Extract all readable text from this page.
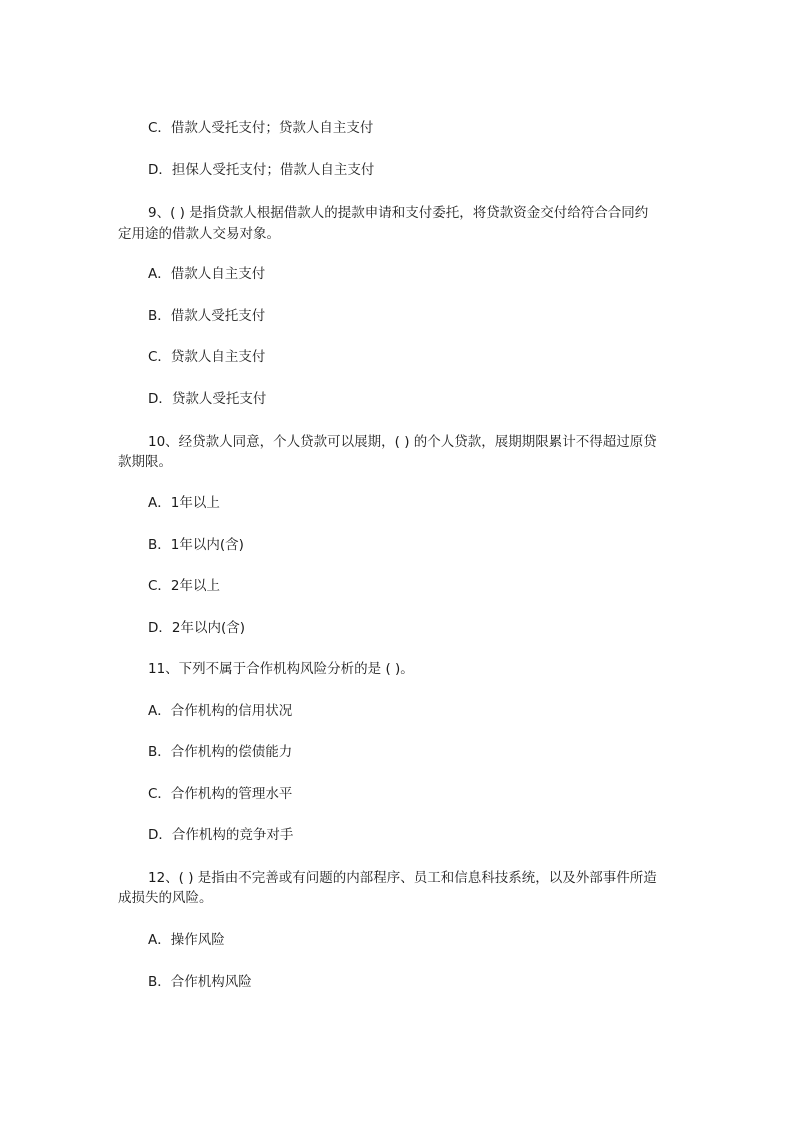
C．借款人受托支付；贷款人自主支付
D．担保人受托支付；借款人自主支付
9、( ) 是指贷款人根据借款人的提款申请和支付委托，将贷款资金交付给符合合同约
定用途的借款人交易对象。
A．借款人自主支付
B．借款人受托支付
C．贷款人自主支付
D．贷款人受托支付
10、经贷款人同意，个人贷款可以展期，( ) 的个人贷款，展期期限累计不得超过原贷
款期限。
A．1年以上
B．1年以内(含)
C．2年以上
D．2年以内(含)
11、下列不属于合作机构风险分析的是 ( )。
A．合作机构的信用状况
B．合作机构的偿债能力
C．合作机构的管理水平
D．合作机构的竞争对手
12、( ) 是指由不完善或有问题的内部程序、员工和信息科技系统，以及外部事件所造
成损失的风险。
A．操作风险
B．合作机构风险
